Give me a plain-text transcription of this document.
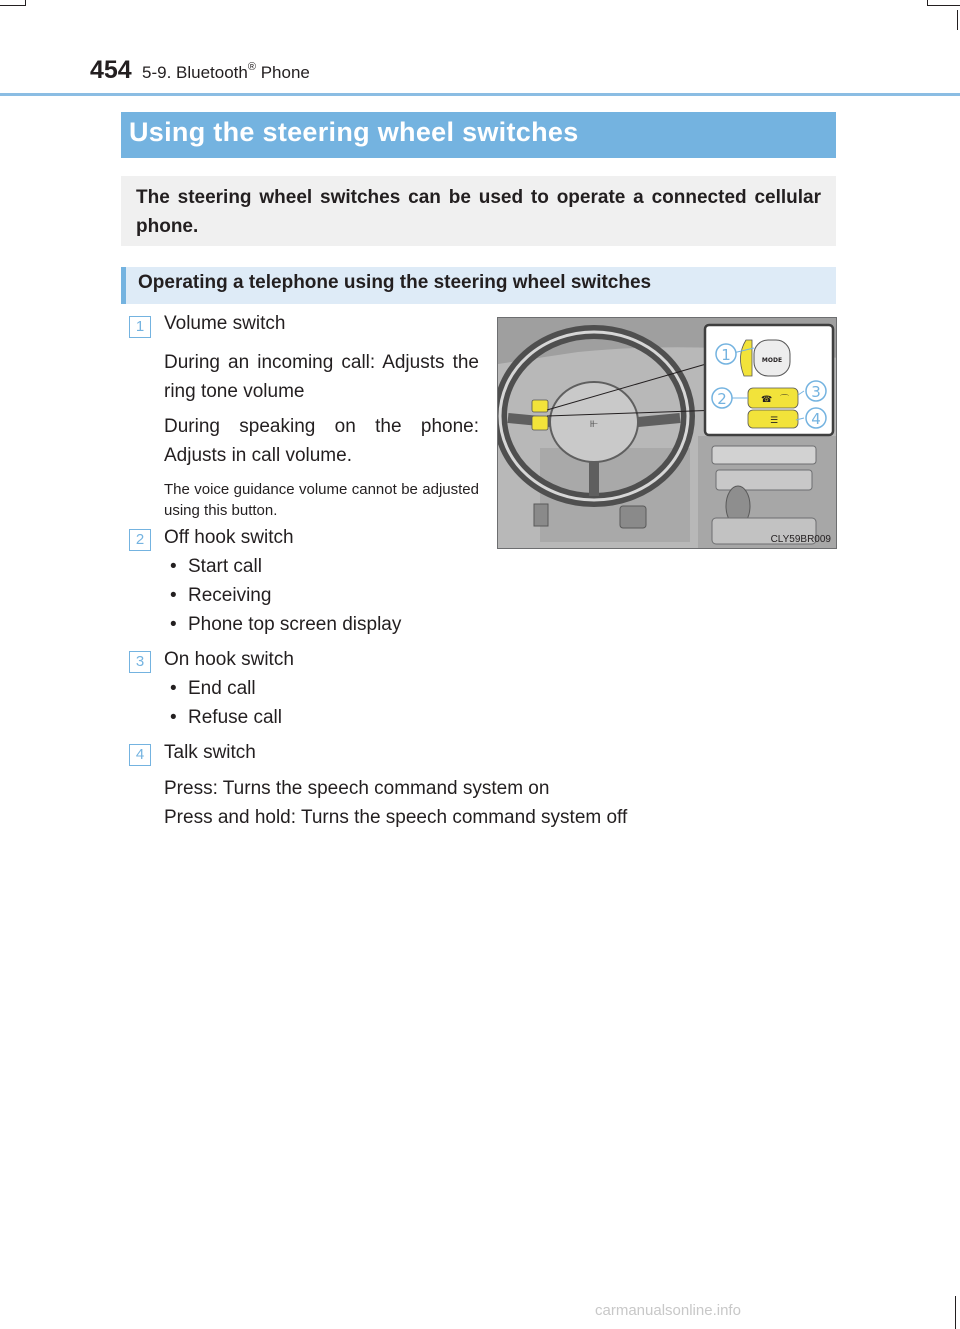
454 5-9. Bluetooth® Phone
Using the steering wheel switches

The steering wheel switches can be used to operate a connected cellular phone.

Operating a telephone using the steering wheel switches
1	Volume switch

During an incoming call: Adjusts the ring tone volume

During speaking on the phone: Adjusts in call volume.

The voice guidance volume cannot be adjusted using this button.

2	Off hook switch
• Start call
• Receiving
• Phone top screen display
3	On hook switch
• End call
• Refuse call
4	Talk switch
Press: Turns the speech command system on
Press and hold: Turns the speech command system off
⫦
MODE
☎ ⌒
☰
1
2	3
4
CLY59BR009
carmanualsonline.info
